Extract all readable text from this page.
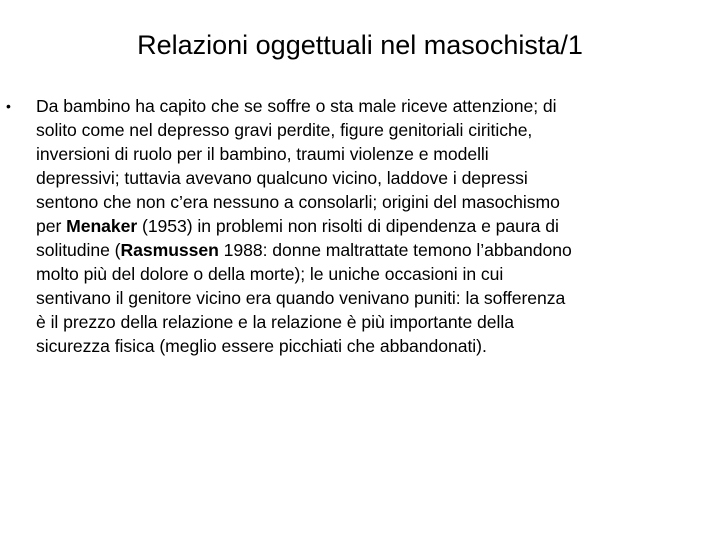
Relazioni oggettuali nel masochista/1
• Da bambino ha capito che se soffre o sta male riceve attenzione; di
solito come nel depresso gravi perdite, figure genitoriali ciritiche,
inversioni di ruolo per il bambino, traumi violenze e modelli
depressivi; tuttavia avevano qualcuno vicino, laddove i depressi
sentono che non c’era nessuno a consolarli; origini del masochismo
per Menaker (1953) in problemi non risolti di dipendenza e paura di
solitudine (Rasmussen 1988: donne maltrattate temono l’abbandono
molto più del dolore o della morte); le uniche occasioni in cui
sentivano il genitore vicino era quando venivano puniti: la sofferenza
è il prezzo della relazione e la relazione è più importante della
sicurezza fisica (meglio essere picchiati che abbandonati).
